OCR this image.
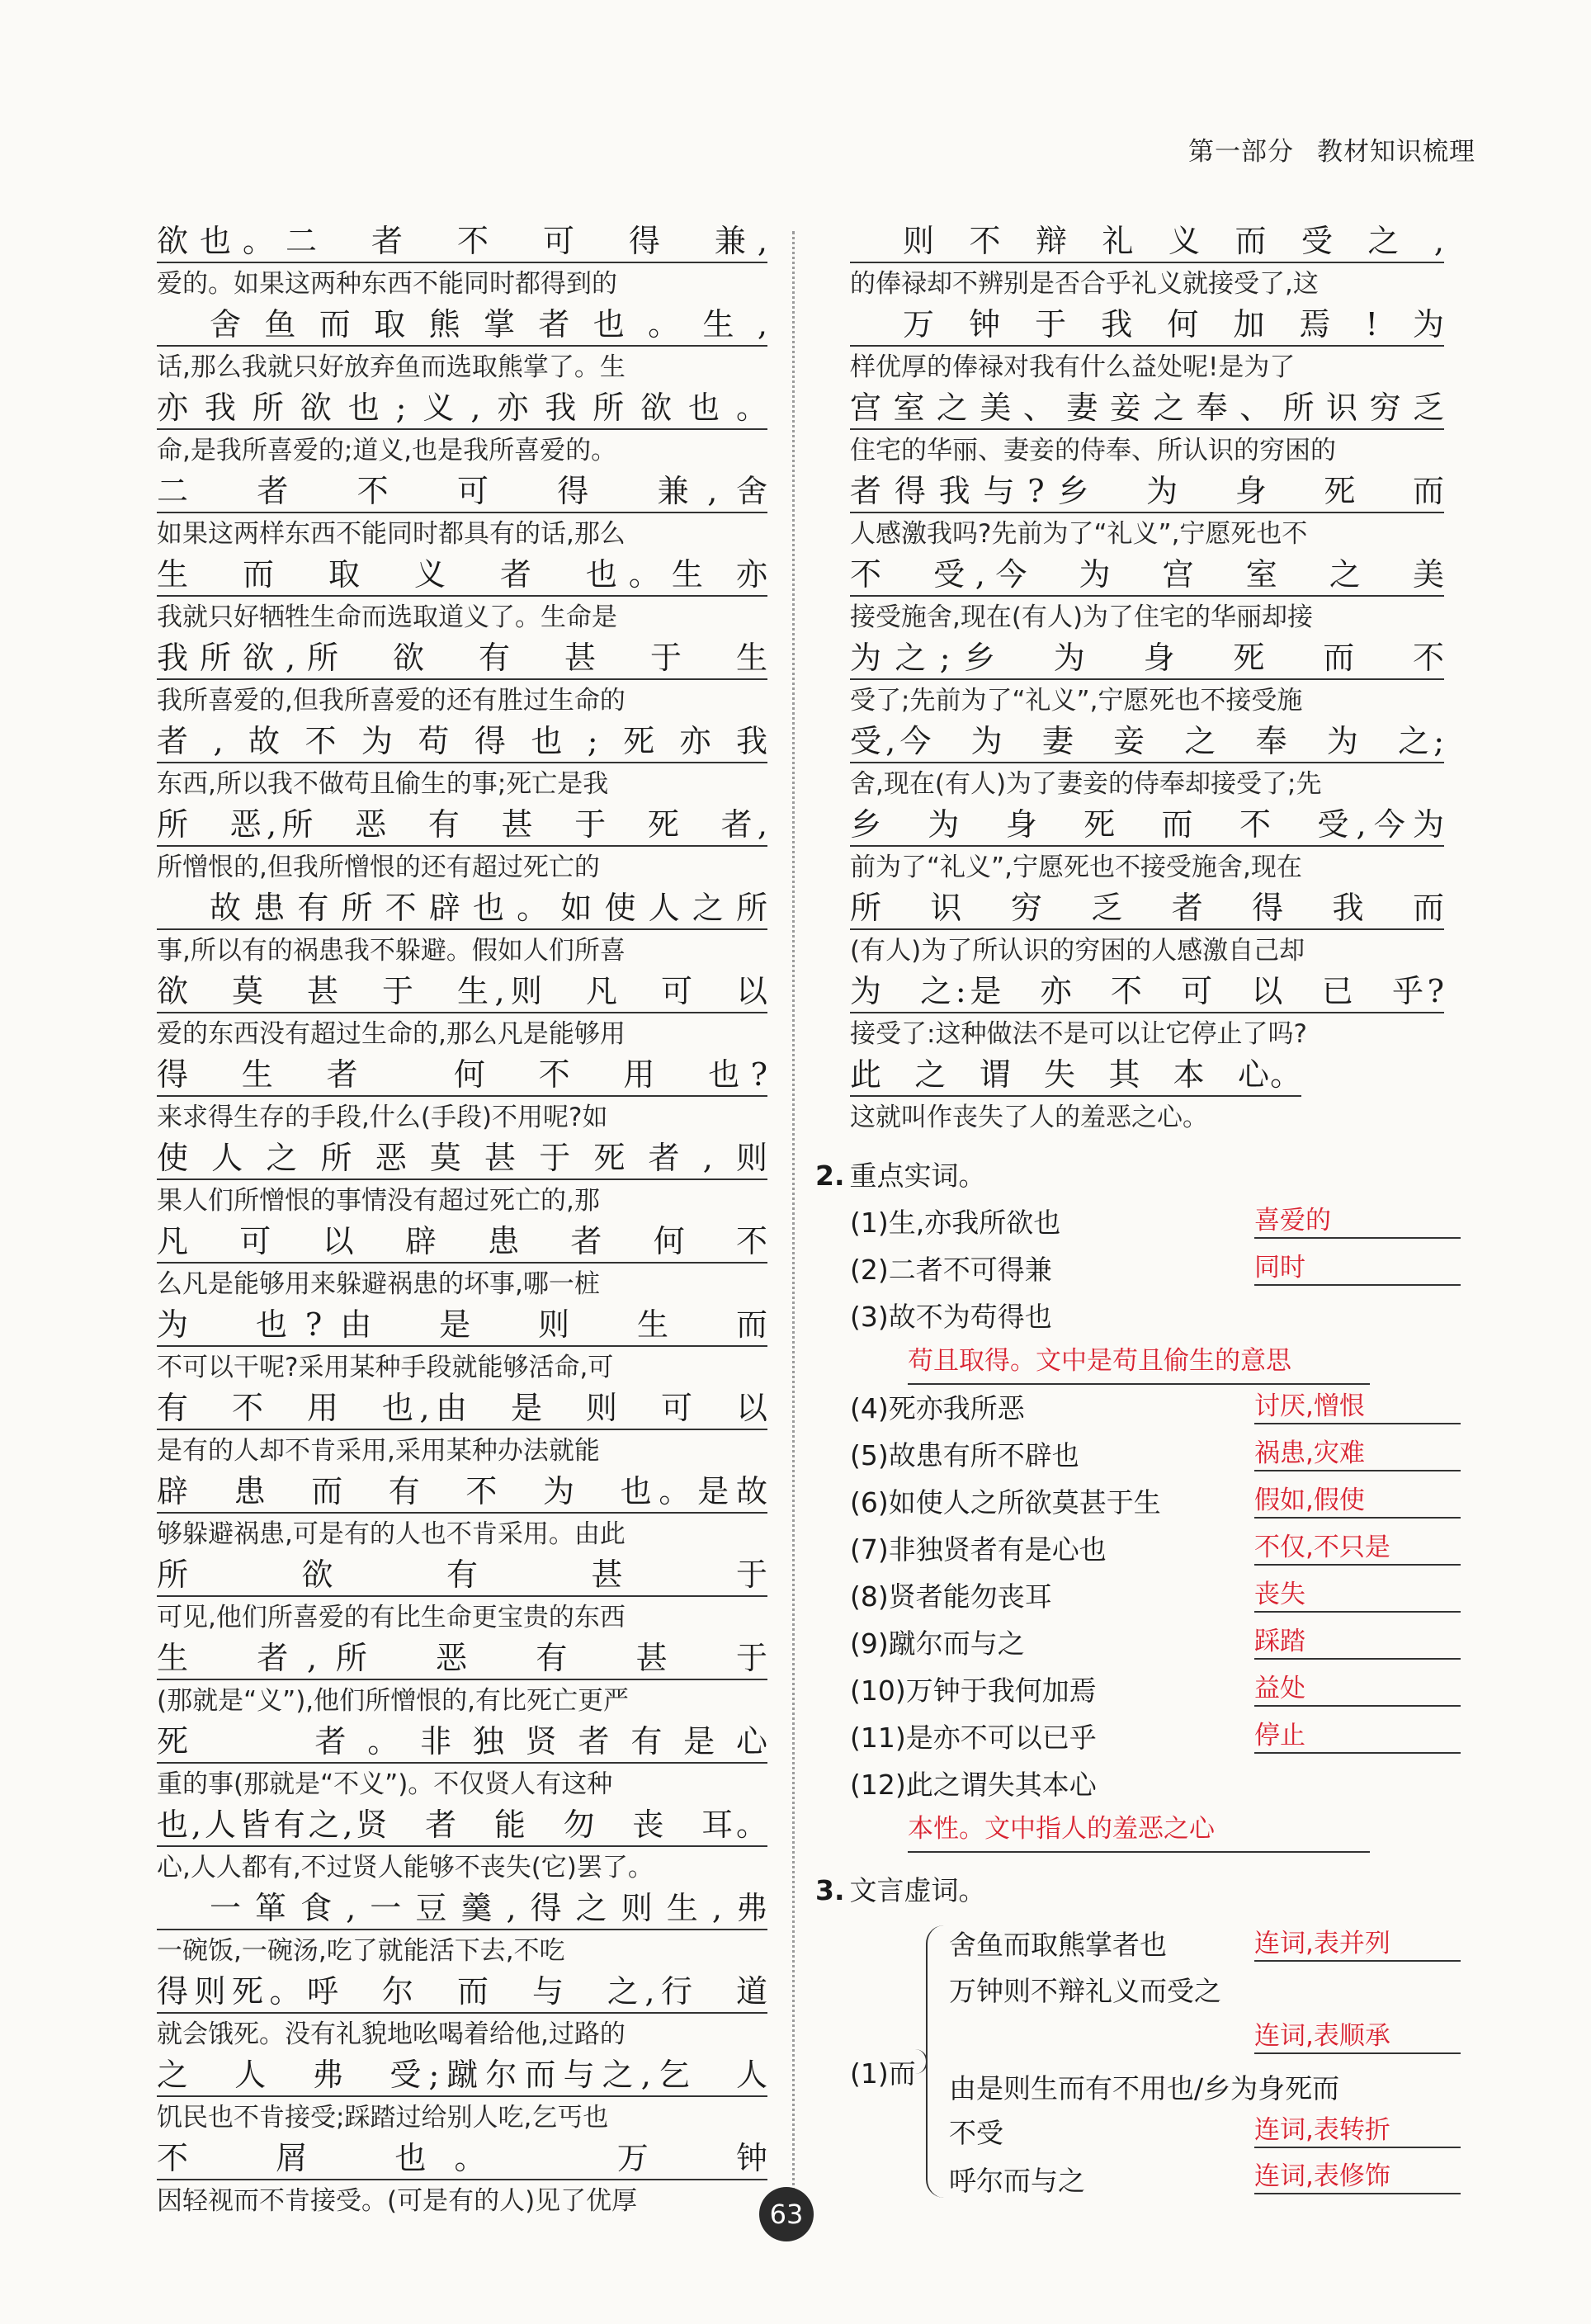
第一部分 教材知识梳理
欲也。二　者　不　可　得　兼,
爱的。如果这两种东西不能同时都得到的
舍鱼而取熊掌者也。生,
话,那么我就只好放弃鱼而选取熊掌了。生
亦我所欲也;义,亦我所欲也。
命,是我所喜爱的;道义,也是我所喜爱的。
二　者　不　可　得　兼,舍
如果这两样东西不能同时都具有的话,那么
生　而　取　义　者　也。生 亦
我就只好牺牲生命而选取道义了。生命是
我所欲,所　欲　有　甚　于　生
我所喜爱的,但我所喜爱的还有胜过生命的
者,故不为苟得也;死亦我
东西,所以我不做苟且偷生的事;死亡是我
所　恶,所　恶　有　甚　于　死　者,
所憎恨的,但我所憎恨的还有超过死亡的
故患有所不辟也。如使人之所
事,所以有的祸患我不躲避。假如人们所喜
欲　莫　甚　于　生,则　凡　可　以
爱的东西没有超过生命的,那么凡是能够用
得　生　者　　何　不　用　也?
来求得生存的手段,什么(手段)不用呢?如
使人之所恶莫甚于死者,则
果人们所憎恨的事情没有超过死亡的,那
凡　可　以　辟　患　者　何　不
么凡是能够用来躲避祸患的坏事,哪一桩
为　也?由　是　则　生　而
不可以干呢?采用某种手段就能够活命,可
有　不　用　也,由　是　则　可　以
是有的人却不肯采用,采用某种办法就能
辟　患　而　有　不　为　也。是故
够躲避祸患,可是有的人也不肯采用。由此
所　欲　有　甚　于
可见,他们所喜爱的有比生命更宝贵的东西
生　者,所　恶　有　甚　于
(那就是“义”),他们所憎恨的,有比死亡更严
死　　者。非独贤者有是心
重的事(那就是“不义”)。不仅贤人有这种
也,人皆有之,贤　者　能　勿　丧　耳。
心,人人都有,不过贤人能够不丧失(它)罢了。
一箪食,一豆羹,得之则生,弗
一碗饭,一碗汤,吃了就能活下去,不吃
得则死。呼　尔　而　与　之,行　道
就会饿死。没有礼貌地吆喝着给他,过路的
之　人　弗　受;蹴尔而与之,乞　人
饥民也不肯接受;踩踏过给别人吃,乞丐也
不　屑　也。　　万　钟
因轻视而不肯接受。(可是有的人)见了优厚
则不辩礼义而受之,
的俸禄却不辨别是否合乎礼义就接受了,这
万钟于我何加焉!为
样优厚的俸禄对我有什么益处呢!是为了
宫室之美、妻妾之奉、所识穷乏
住宅的华丽、妻妾的侍奉、所认识的穷困的
者得我与?乡　为　身　死　而
人感激我吗?先前为了“礼义”,宁愿死也不
不　受,今　为　宫　室　之　美
接受施舍,现在(有人)为了住宅的华丽却接
为之;乡　为　身　死　而　不
受了;先前为了“礼义”,宁愿死也不接受施
受,今　为　妻　妾　之　奉　为　之;
舍,现在(有人)为了妻妾的侍奉却接受了;先
乡　为　身　死　而　不　受,今为
前为了“礼义”,宁愿死也不接受施舍,现在
所　识　穷　乏　者　得　我　而
(有人)为了所认识的穷困的人感激自己却
为　之:是　亦　不　可　以　已　乎?
接受了:这种做法不是可以让它停止了吗?
此　之　谓　失　其　本　心。
这就叫作丧失了人的羞恶之心。
2. 重点实词。
(1)生,亦我所欲也	喜爱的
(2)二者不可得兼	同时
(3)故不为苟得也
苟且取得。文中是苟且偷生的意思
(4)死亦我所恶	讨厌,憎恨
(5)故患有所不辟也	祸患,灾难
(6)如使人之所欲莫甚于生	假如,假使
(7)非独贤者有是心也	不仅,不只是
(8)贤者能勿丧耳	丧失
(9)蹴尔而与之	踩踏
(10)万钟于我何加焉	益处
(11)是亦不可以已乎	停止
(12)此之谓失其本心
本性。文中指人的羞恶之心
3. 文言虚词。
(1)而
舍鱼而取熊掌者也	连词,表并列
万钟则不辩礼义而受之
连词,表顺承
由是则生而有不用也/乡为身死而
不受	连词,表转折
呼尔而与之	连词,表修饰
63
